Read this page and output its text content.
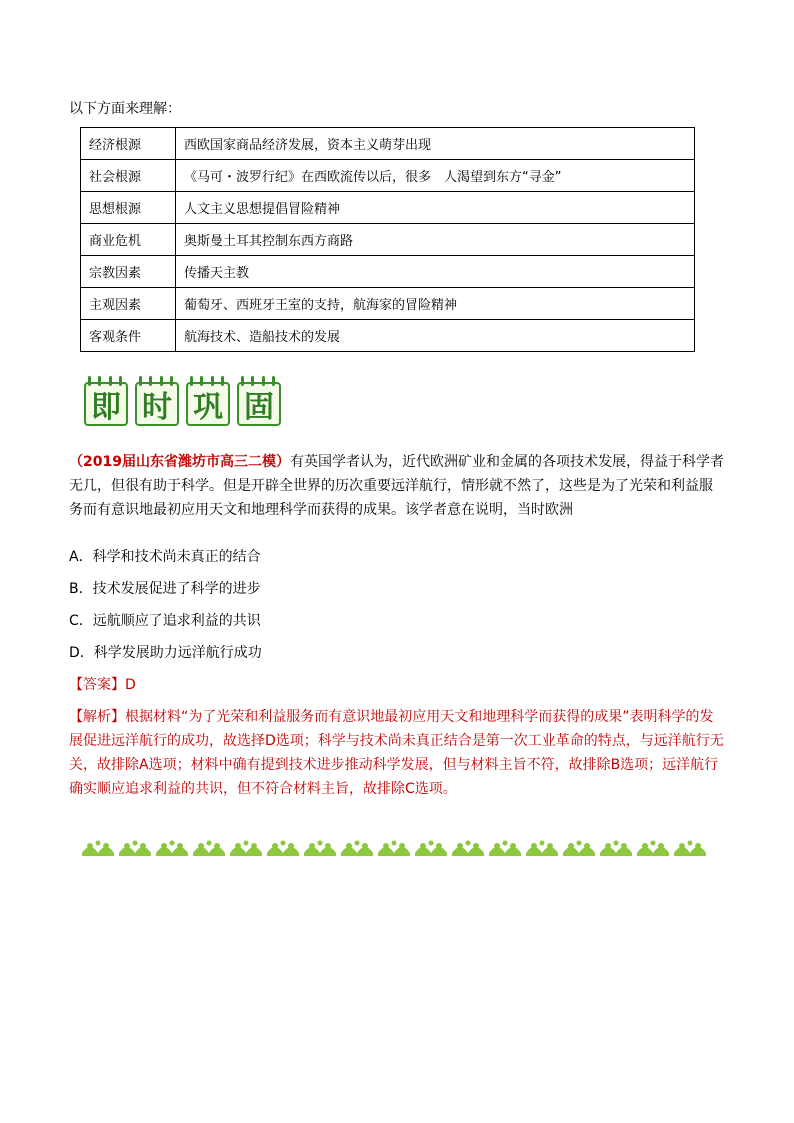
以下方面来理解：
经济根源	西欧国家商品经济发展，资本主义萌芽出现
社会根源	《马可・波罗行纪》在西欧流传以后，很多　人渴望到东方“寻金”
思想根源	人文主义思想提倡冒险精神
商业危机	奥斯曼土耳其控制东西方商路
宗教因素	传播天主教
主观因素	葡萄牙、西班牙王室的支持，航海家的冒险精神
客观条件	航海技术、造船技术的发展
即 时 巩 固
（2019届山东省潍坊市高三二模）有英国学者认为，近代欧洲矿业和金属的各项技术发展，得益于科学者无几，但很有助于科学。但是开辟全世界的历次重要远洋航行，情形就不然了，这些是为了光荣和利益服务而有意识地最初应用天文和地理科学而获得的成果。该学者意在说明，当时欧洲
A．科学和技术尚未真正的结合
B．技术发展促进了科学的进步
C．远航顺应了追求利益的共识
D．科学发展助力远洋航行成功
【答案】D
【解析】根据材料“为了光荣和利益服务而有意识地最初应用天文和地理科学而获得的成果”表明科学的发展促进远洋航行的成功，故选择D选项；科学与技术尚未真正结合是第一次工业革命的特点，与远洋航行无关，故排除A选项；材料中确有提到技术进步推动科学发展，但与材料主旨不符，故排除B选项；远洋航行确实顺应追求利益的共识，但不符合材料主旨，故排除C选项。
